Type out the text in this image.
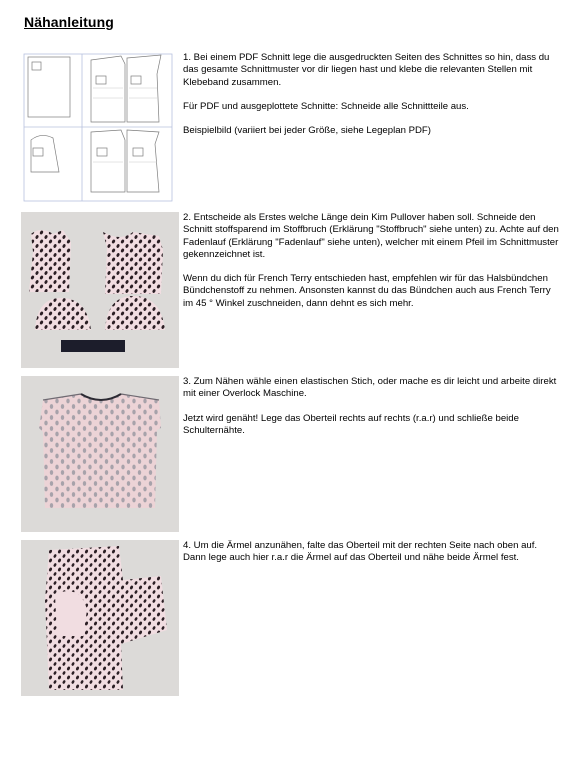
Nähanleitung

1. Bei einem PDF Schnitt lege die ausgedruckten Seiten des Schnittes so hin, dass du das gesamte Schnittmuster vor dir liegen hast und klebe die relevanten Stellen mit Klebeband zusammen.

Für PDF und ausgeplottete Schnitte: Schneide alle Schnittteile aus.

Beispielbild (variiert bei jeder Größe, siehe Legeplan PDF)

2. Entscheide als Erstes welche Länge dein Kim Pullover haben soll. Schneide den Schnitt stoffsparend im Stoffbruch (Erklärung "Stoffbruch" siehe unten) zu. Achte auf den Fadenlauf (Erklärung "Fadenlauf" siehe unten), welcher mit einem Pfeil im Schnittmuster gekennzeichnet ist.

Wenn du dich für French Terry entschieden hast, empfehlen wir für das Halsbündchen Bündchenstoff zu nehmen. Ansonsten kannst du das Bündchen auch aus French Terry im 45 ° Winkel zuschneiden, dann dehnt es sich mehr.

3. Zum Nähen wähle einen elastischen Stich, oder mache es dir leicht und arbeite direkt mit einer Overlock Maschine.

Jetzt wird genäht! Lege das Oberteil rechts auf rechts (r.a.r) und schließe beide Schulternähte.

4. Um die Ärmel anzunähen, falte das Oberteil mit der rechten Seite nach oben auf. Dann lege auch hier r.a.r die Ärmel auf das Oberteil und nähe beide Ärmel fest.
